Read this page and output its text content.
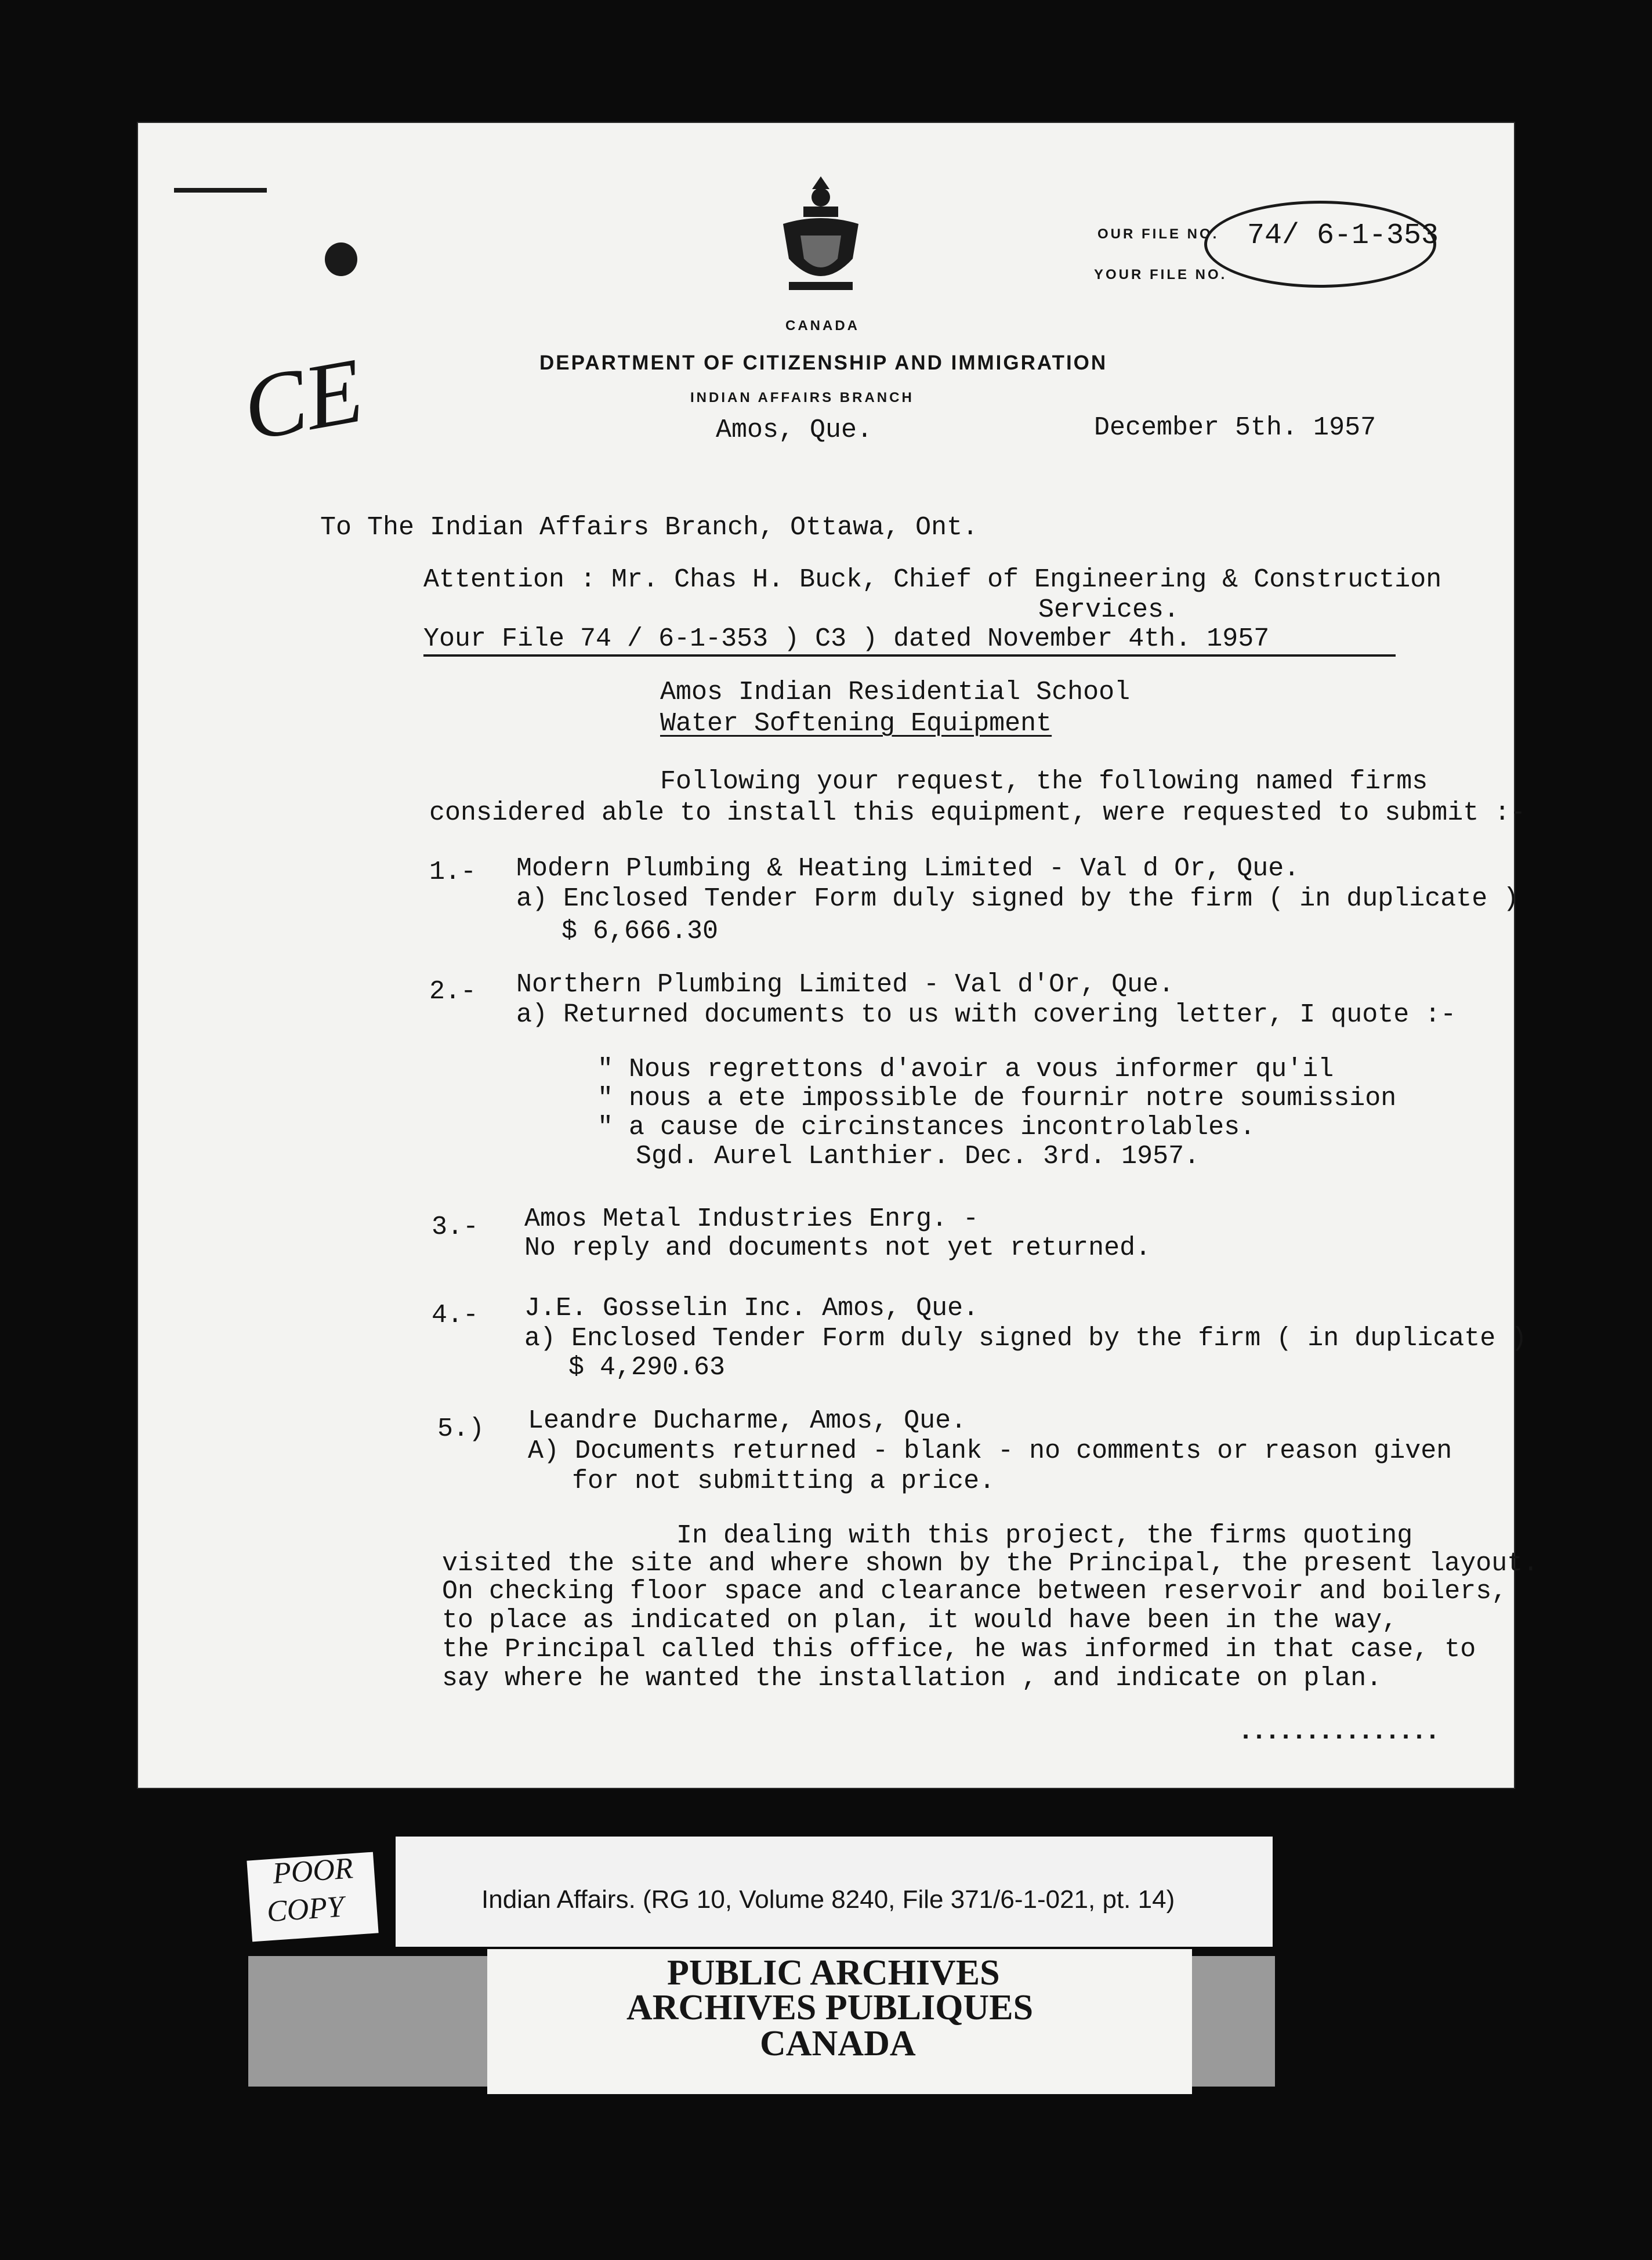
CANADA
DEPARTMENT OF CITIZENSHIP AND IMMIGRATION
INDIAN AFFAIRS BRANCH
Amos, Que.	December 5th. 1957
OUR FILE NO.
YOUR FILE NO.
74/ 6-1-353
CE
To The Indian Affairs Branch, Ottawa, Ont.
Attention : Mr. Chas H. Buck, Chief of Engineering & Construction
Services.
Your File 74 / 6-1-353 ) C3 ) dated November 4th. 1957
Amos Indian Residential School
Water Softening Equipment
Following your request, the following named firms
considered able to install this equipment, were requested to submit :-
1.- Modern Plumbing & Heating Limited - Val d Or, Que.
a) Enclosed Tender Form duly signed by the firm ( in duplicate )
$ 6,666.30
2.- Northern Plumbing Limited - Val d'Or, Que.
a) Returned documents to us with covering letter, I quote :-
" Nous regrettons d'avoir a vous informer qu'il
" nous a ete impossible de fournir notre soumission
" a cause de circinstances incontrolables.
Sgd. Aurel Lanthier. Dec. 3rd. 1957.
3.- Amos Metal Industries Enrg. -
No reply and documents not yet returned.
4.- J.E. Gosselin Inc. Amos, Que.
a) Enclosed Tender Form duly signed by the firm ( in duplicate )
$ 4,290.63
5.) Leandre Ducharme, Amos, Que.
A) Documents returned - blank - no comments or reason given
for not submitting a price.
In dealing with this project, the firms quoting
visited the site and where shown by the Principal, the present layout.
On checking floor space and clearance between reservoir and boilers,
to place as indicated on plan, it would have been in the way,
the Principal called this office, he was informed in that case, to
say where he wanted the installation , and indicate on plan.
...............
Indian Affairs. (RG 10, Volume 8240, File 371/6-1-021, pt. 14)
POOR
COPY
PUBLIC ARCHIVES
ARCHIVES PUBLIQUES
CANADA
